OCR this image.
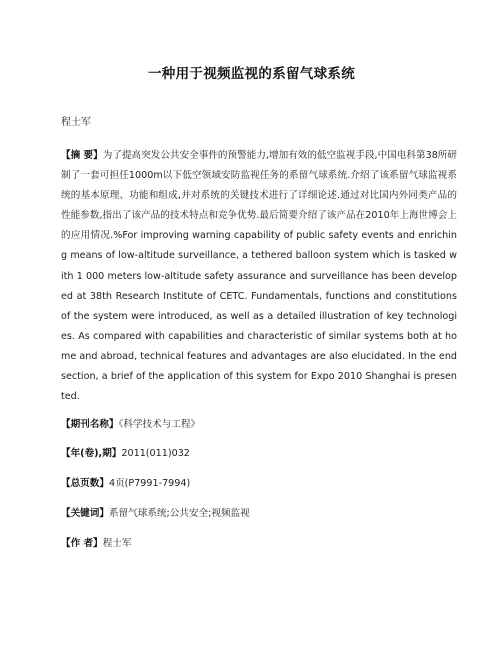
一种用于视频监视的系留气球系统
程士军
【摘 要】为了提高突发公共安全事件的预警能力,增加有效的低空监视手段,中国电科第38所研制了一套可担任1000m以下低空领域安防监视任务的系留气球系统.介绍了该系留气球监视系统的基本原理、功能和组成,并对系统的关键技术进行了详细论述.通过对比国内外同类产品的性能参数,指出了该产品的技术特点和竞争优势.最后简要介绍了该产品在2010年上海世博会上的应用情况.%For improving warning capability of public safety events and enriching means of low-altitude surveillance, a tethered balloon system which is tasked with 1 000 meters low-altitude safety assurance and surveillance has been developed at 38th Research Institute of CETC. Fundamentals, functions and constitutions of the system were introduced, as well as a detailed illustration of key technologies. As compared with capabilities and characteristic of similar systems both at home and abroad, technical features and advantages are also elucidated. In the end section, a brief of the application of this system for Expo 2010 Shanghai is presented.
【期刊名称】《科学技术与工程》
【年(卷),期】2011(011)032
【总页数】4页(P7991-7994)
【关键词】系留气球系统;公共安全;视频监视
【作 者】程士军
